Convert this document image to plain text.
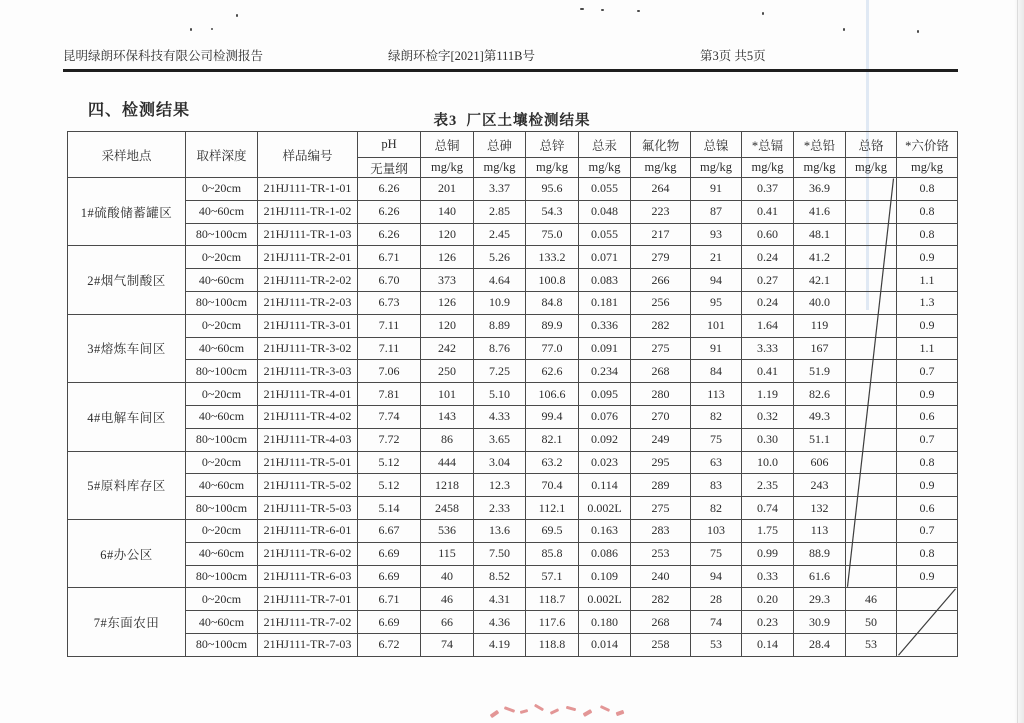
昆明绿朗环保科技有限公司检测报告	绿朗环检字[2021]第111B号	第3页 共5页
四、检测结果
表3  厂区土壤检测结果
采样地点	取样深度	样品编号	pH	总铜	总砷	总锌	总汞	氟化物	总镍	*总镉	*总铅	总铬	*六价铬
			无量纲	mg/kg	mg/kg	mg/kg	mg/kg	mg/kg	mg/kg	mg/kg	mg/kg	mg/kg	mg/kg
1#硫酸储蓄罐区	0~20cm	21HJ111-TR-1-01	6.26	201	3.37	95.6	0.055	264	91	0.37	36.9		0.8
	40~60cm	21HJ111-TR-1-02	6.26	140	2.85	54.3	0.048	223	87	0.41	41.6		0.8
	80~100cm	21HJ111-TR-1-03	6.26	120	2.45	75.0	0.055	217	93	0.60	48.1		0.8
2#烟气制酸区	0~20cm	21HJ111-TR-2-01	6.71	126	5.26	133.2	0.071	279	21	0.24	41.2		0.9
	40~60cm	21HJ111-TR-2-02	6.70	373	4.64	100.8	0.083	266	94	0.27	42.1		1.1
	80~100cm	21HJ111-TR-2-03	6.73	126	10.9	84.8	0.181	256	95	0.24	40.0		1.3
3#熔炼车间区	0~20cm	21HJ111-TR-3-01	7.11	120	8.89	89.9	0.336	282	101	1.64	119		0.9
	40~60cm	21HJ111-TR-3-02	7.11	242	8.76	77.0	0.091	275	91	3.33	167		1.1
	80~100cm	21HJ111-TR-3-03	7.06	250	7.25	62.6	0.234	268	84	0.41	51.9		0.7
4#电解车间区	0~20cm	21HJ111-TR-4-01	7.81	101	5.10	106.6	0.095	280	113	1.19	82.6		0.9
	40~60cm	21HJ111-TR-4-02	7.74	143	4.33	99.4	0.076	270	82	0.32	49.3		0.6
	80~100cm	21HJ111-TR-4-03	7.72	86	3.65	82.1	0.092	249	75	0.30	51.1		0.7
5#原料库存区	0~20cm	21HJ111-TR-5-01	5.12	444	3.04	63.2	0.023	295	63	10.0	606		0.8
	40~60cm	21HJ111-TR-5-02	5.12	1218	12.3	70.4	0.114	289	83	2.35	243		0.9
	80~100cm	21HJ111-TR-5-03	5.14	2458	2.33	112.1	0.002L	275	82	0.74	132		0.6
6#办公区	0~20cm	21HJ111-TR-6-01	6.67	536	13.6	69.5	0.163	283	103	1.75	113		0.7
	40~60cm	21HJ111-TR-6-02	6.69	115	7.50	85.8	0.086	253	75	0.99	88.9		0.8
	80~100cm	21HJ111-TR-6-03	6.69	40	8.52	57.1	0.109	240	94	0.33	61.6		0.9
7#东面农田	0~20cm	21HJ111-TR-7-01	6.71	46	4.31	118.7	0.002L	282	28	0.20	29.3	46	
	40~60cm	21HJ111-TR-7-02	6.69	66	4.36	117.6	0.180	268	74	0.23	30.9	50	
	80~100cm	21HJ111-TR-7-03	6.72	74	4.19	118.8	0.014	258	53	0.14	28.4	53	
